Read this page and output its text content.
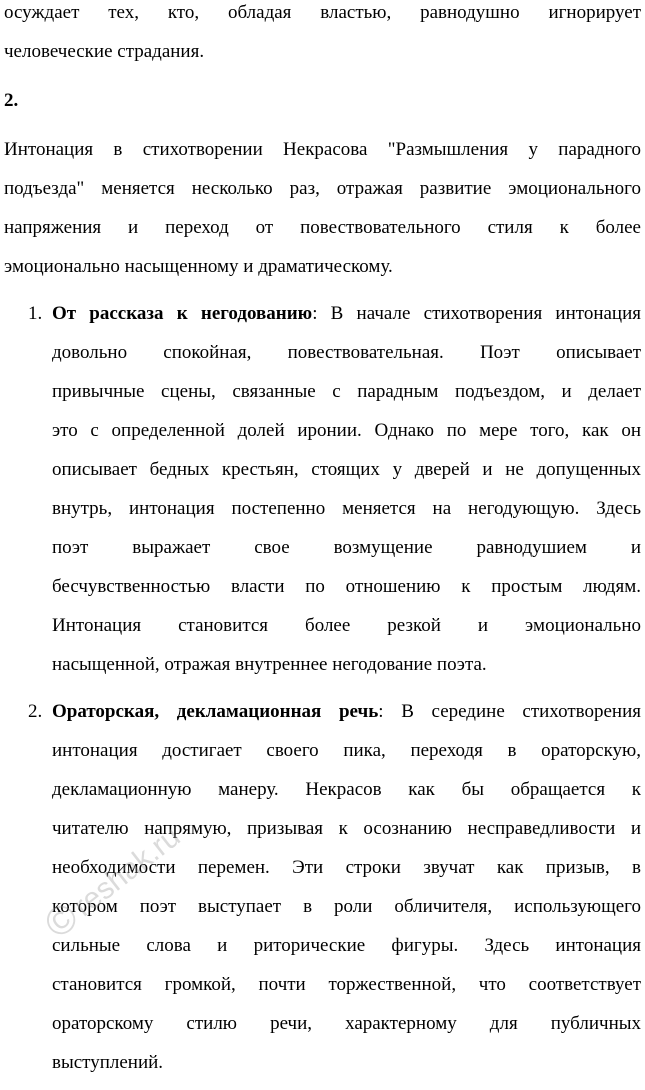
осуждает тех, кто, обладая властью, равнодушно игнорирует
человеческие страдания.
2.
Интонация в стихотворении Некрасова "Размышления у парадного
подъезда" меняется несколько раз, отражая развитие эмоционального
напряжения и переход от повествовательного стиля к более
эмоционально насыщенному и драматическому.
1. От рассказа к негодованию: В начале стихотворения интонация
довольно спокойная, повествовательная. Поэт описывает
привычные сцены, связанные с парадным подъездом, и делает
это с определенной долей иронии. Однако по мере того, как он
описывает бедных крестьян, стоящих у дверей и не допущенных
внутрь, интонация постепенно меняется на негодующую. Здесь
поэт выражает свое возмущение равнодушием и
бесчувственностью власти по отношению к простым людям.
Интонация становится более резкой и эмоционально
насыщенной, отражая внутреннее негодование поэта.
2. Ораторская, декламационная речь: В середине стихотворения
интонация достигает своего пика, переходя в ораторскую,
декламационную манеру. Некрасов как бы обращается к
читателю напрямую, призывая к осознанию несправедливости и
необходимости перемен. Эти строки звучат как призыв, в
котором поэт выступает в роли обличителя, использующего
сильные слова и риторические фигуры. Здесь интонация
становится громкой, почти торжественной, что соответствует
ораторскому стилю речи, характерному для публичных
выступлений.
©
reshak.ru
